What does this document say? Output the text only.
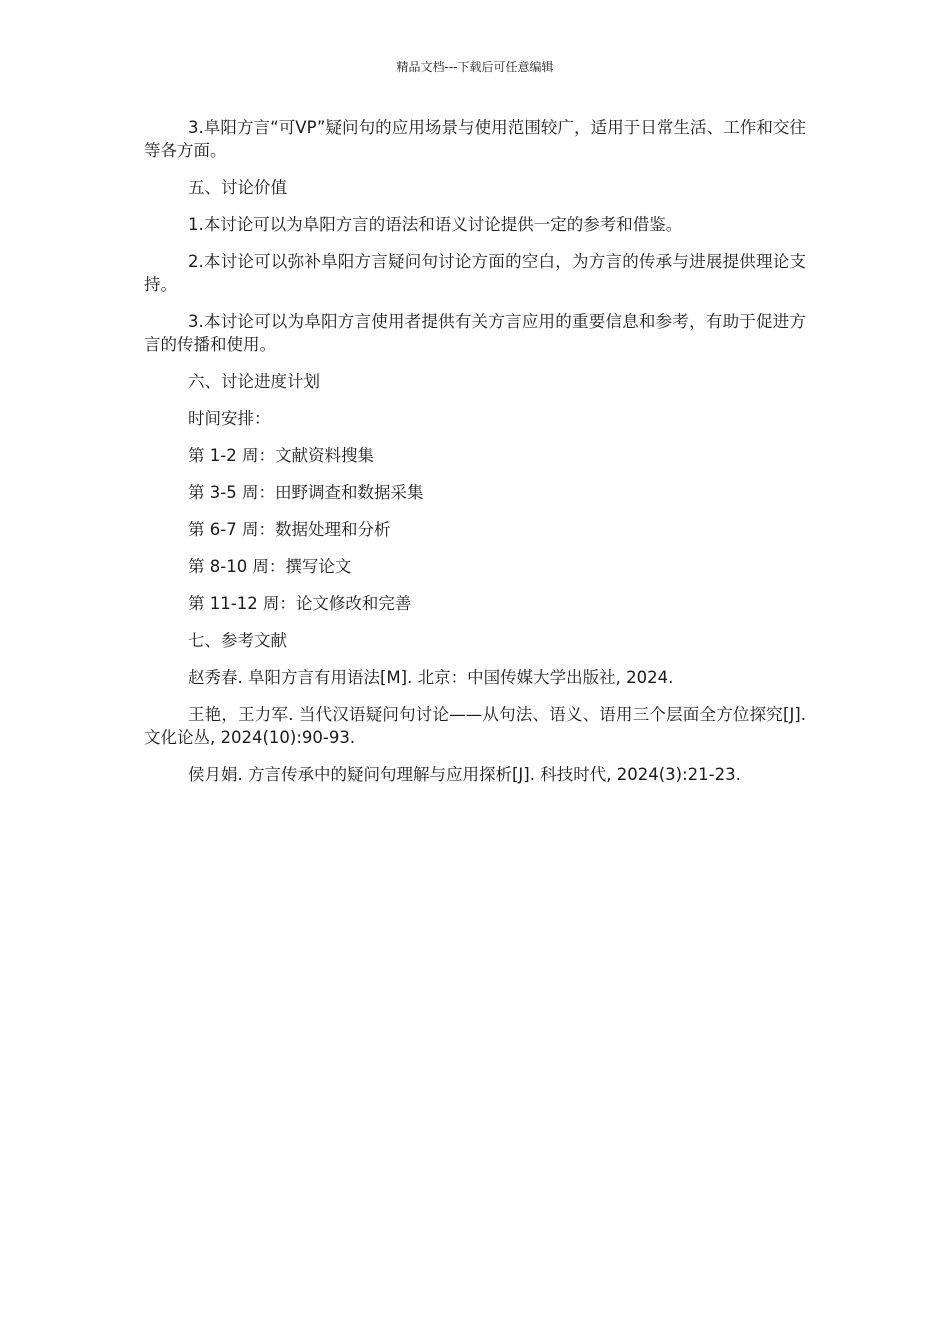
精品文档---下载后可任意编辑

3.阜阳方言“可VP”疑问句的应用场景与使用范围较广，适用于日常生活、工作和交往等各方面。

五、讨论价值

1.本讨论可以为阜阳方言的语法和语义讨论提供一定的参考和借鉴。

2.本讨论可以弥补阜阳方言疑问句讨论方面的空白，为方言的传承与进展提供理论支持。

3.本讨论可以为阜阳方言使用者提供有关方言应用的重要信息和参考，有助于促进方言的传播和使用。

六、讨论进度计划

时间安排：

第 1-2 周：文献资料搜集

第 3-5 周：田野调查和数据采集

第 6-7 周：数据处理和分析

第 8-10 周：撰写论文

第 11-12 周：论文修改和完善

七、参考文献

赵秀春. 阜阳方言有用语法[M]. 北京：中国传媒大学出版社, 2024.

王艳，王力军. 当代汉语疑问句讨论——从句法、语义、语用三个层面全方位探究[J]. 文化论丛, 2024(10):90-93.

侯月娟. 方言传承中的疑问句理解与应用探析[J]. 科技时代, 2024(3):21-23.
